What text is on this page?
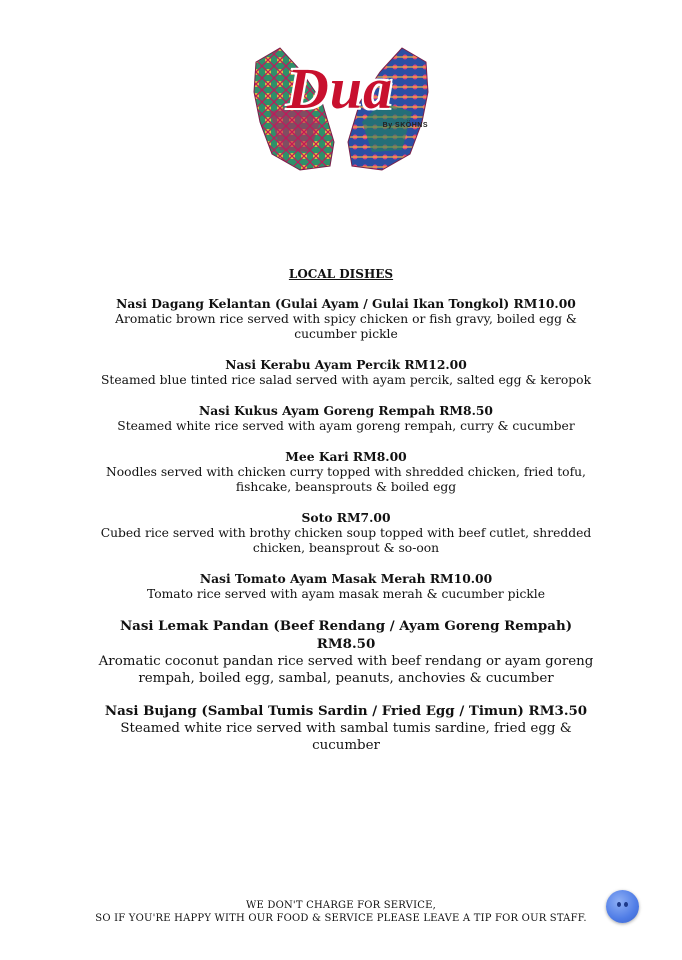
Dua
By SKÖHNS
LOCAL DISHES
Nasi Dagang Kelantan (Gulai Ayam / Gulai Ikan Tongkol) RM10.00
Aromatic brown rice served with spicy chicken or fish gravy, boiled egg & cucumber pickle
Nasi Kerabu Ayam Percik RM12.00
Steamed blue tinted rice salad served with ayam percik, salted egg & keropok
Nasi Kukus Ayam Goreng Rempah RM8.50
Steamed white rice served with ayam goreng rempah, curry & cucumber
Mee Kari RM8.00
Noodles served with chicken curry topped with shredded chicken, fried tofu, fishcake, beansprouts & boiled egg
Soto RM7.00
Cubed rice served with brothy chicken soup topped with beef cutlet, shredded chicken, beansprout & so-oon
Nasi Tomato Ayam Masak Merah RM10.00
Tomato rice served with ayam masak merah & cucumber pickle
Nasi Lemak Pandan (Beef Rendang / Ayam Goreng Rempah) RM8.50
Aromatic coconut pandan rice served with beef rendang or ayam goreng rempah, boiled egg, sambal, peanuts, anchovies & cucumber
Nasi Bujang (Sambal Tumis Sardin / Fried Egg / Timun) RM3.50
Steamed white rice served with sambal tumis sardine, fried egg & cucumber
WE DON'T CHARGE FOR SERVICE,
SO IF YOU'RE HAPPY WITH OUR FOOD & SERVICE PLEASE LEAVE A TIP FOR OUR STAFF.
